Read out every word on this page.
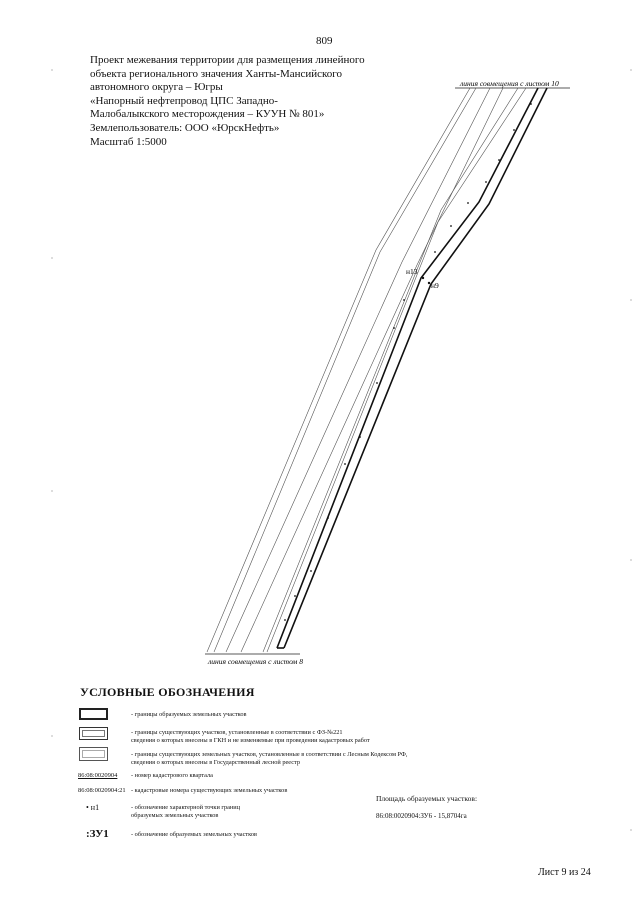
809
Проект межевания территории для размещения линейного
объекта регионального значения Ханты-Мансийского
автономного округа – Югры
«Напорный нефтепровод ЦПС Западно-
Малобалыкского месторождения – КУУН № 801»
Землепользователь: ООО «ЮрскНефть»
Масштаб 1:5000
линия совмещения с листом 10
линия совмещения с листом 8
н13
н9
УСЛОВНЫЕ ОБОЗНАЧЕНИЯ
- границы образуемых земельных участков
- границы существующих участков, установленные в соответствии с ФЗ-№221
сведения о которых внесены в ГКН и не изменяемые при проведении кадастровых работ
- границы существующих земельных участков, установленные в соответствии с Лесным Кодексом РФ,
сведения о которых внесены в Государственный лесной реестр
86:08:0020904 - номер кадастрового квартала
86:08:0020904:21 - кадастровые номера существующих земельных участков
• н1	- обозначение характерной точки границ
образуемых земельных участков
:ЗУ1	- обозначение образуемых земельных участков
Площадь образуемых участков:
86:08:0020904:ЗУ6 - 15,8704га
Лист 9 из 24
